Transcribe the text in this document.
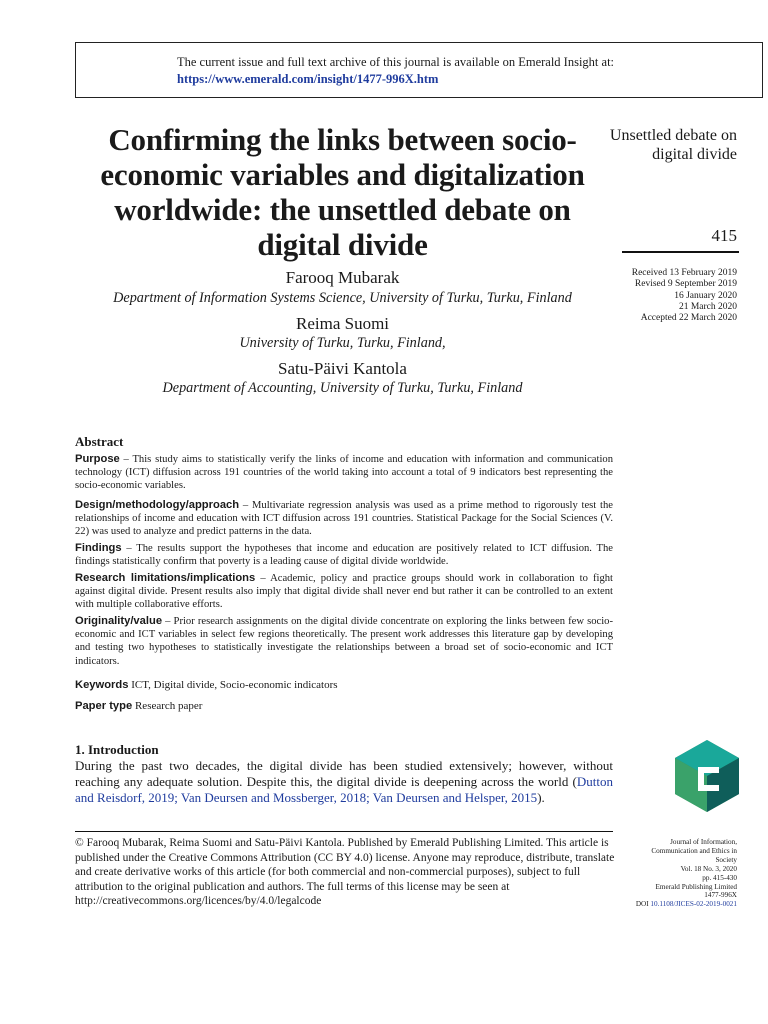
The current issue and full text archive of this journal is available on Emerald Insight at:
https://www.emerald.com/insight/1477-996X.htm
Confirming the links between socio-economic variables and digitalization worldwide: the unsettled debate on digital divide
Unsettled debate on digital divide
415
Received 13 February 2019
Revised 9 September 2019
16 January 2020
21 March 2020
Accepted 22 March 2020
Farooq Mubarak
Department of Information Systems Science, University of Turku, Turku, Finland
Reima Suomi
University of Turku, Turku, Finland,
Satu-Päivi Kantola
Department of Accounting, University of Turku, Turku, Finland
Abstract
Purpose – This study aims to statistically verify the links of income and education with information and communication technology (ICT) diffusion across 191 countries of the world taking into account a total of 9 indicators best representing the socio-economic variables.
Design/methodology/approach – Multivariate regression analysis was used as a prime method to rigorously test the relationships of income and education with ICT diffusion across 191 countries. Statistical Package for the Social Sciences (V. 22) was used to analyze and predict patterns in the data.
Findings – The results support the hypotheses that income and education are positively related to ICT diffusion. The findings statistically confirm that poverty is a leading cause of digital divide worldwide.
Research limitations/implications – Academic, policy and practice groups should work in collaboration to fight against digital divide. Present results also imply that digital divide shall never end but rather it can be controlled to an extent with multiple collaborative efforts.
Originality/value – Prior research assignments on the digital divide concentrate on exploring the links between few socio-economic and ICT variables in select few regions theoretically. The present work addresses this literature gap by developing and testing two hypotheses to statistically investigate the relationships between a broad set of socio-economic and ICT indicators.
Keywords ICT, Digital divide, Socio-economic indicators
Paper type Research paper
1. Introduction
During the past two decades, the digital divide has been studied extensively; however, without reaching any adequate solution. Despite this, the digital divide is deepening across the world (Dutton and Reisdorf, 2019; Van Deursen and Mossberger, 2018; Van Deursen and Helsper, 2015).
© Farooq Mubarak, Reima Suomi and Satu-Päivi Kantola. Published by Emerald Publishing Limited. This article is published under the Creative Commons Attribution (CC BY 4.0) license. Anyone may reproduce, distribute, translate and create derivative works of this article (for both commercial and non-commercial purposes), subject to full attribution to the original publication and authors. The full terms of this license may be seen at http://creativecommons.org/licences/by/4.0/legalcode
Journal of Information,
Communication and Ethics in
Society
Vol. 18 No. 3, 2020
pp. 415-430
Emerald Publishing Limited
1477-996X
DOI 10.1108/JICES-02-2019-0021
